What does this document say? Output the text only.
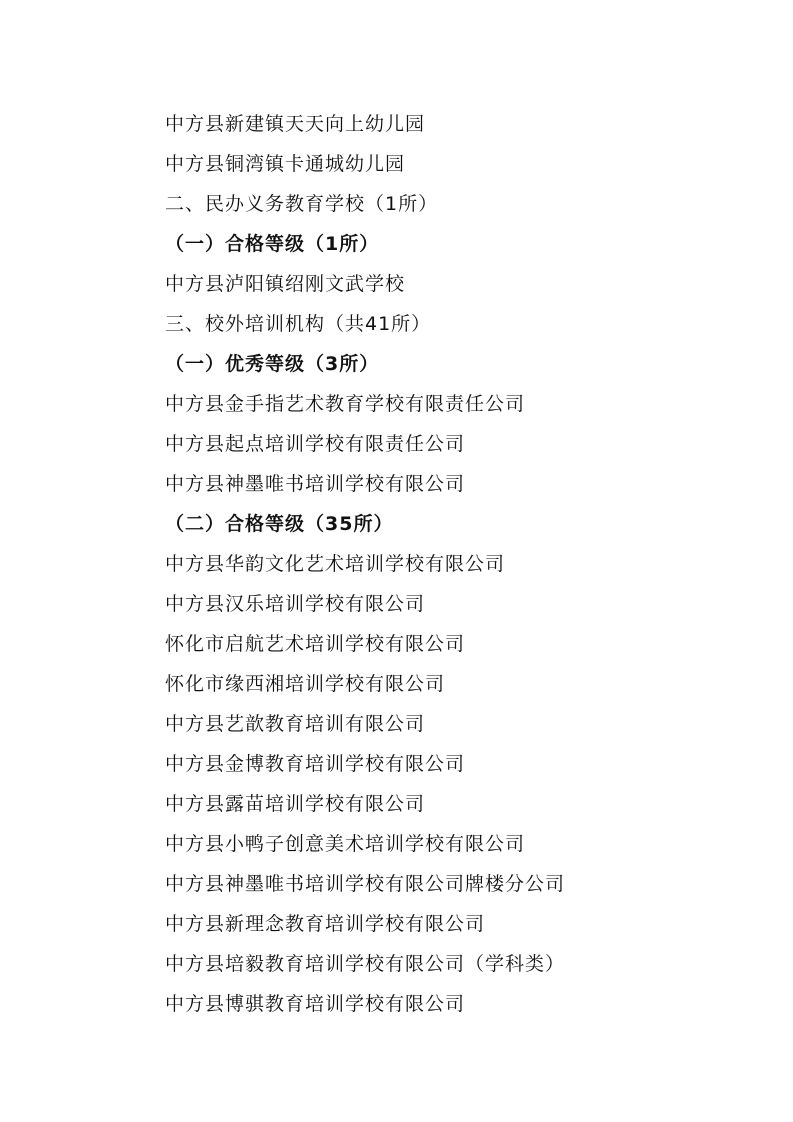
中方县新建镇天天向上幼儿园
中方县铜湾镇卡通城幼儿园
二、民办义务教育学校（1所）
（一）合格等级（1所）
中方县泸阳镇绍刚文武学校
三、校外培训机构（共41所）
（一）优秀等级（3所）
中方县金手指艺术教育学校有限责任公司
中方县起点培训学校有限责任公司
中方县神墨唯书培训学校有限公司
（二）合格等级（35所）
中方县华韵文化艺术培训学校有限公司
中方县汉乐培训学校有限公司
怀化市启航艺术培训学校有限公司
怀化市缘西湘培训学校有限公司
中方县艺歆教育培训有限公司
中方县金博教育培训学校有限公司
中方县露苗培训学校有限公司
中方县小鸭子创意美术培训学校有限公司
中方县神墨唯书培训学校有限公司牌楼分公司
中方县新理念教育培训学校有限公司
中方县培毅教育培训学校有限公司（学科类）
中方县博骐教育培训学校有限公司
